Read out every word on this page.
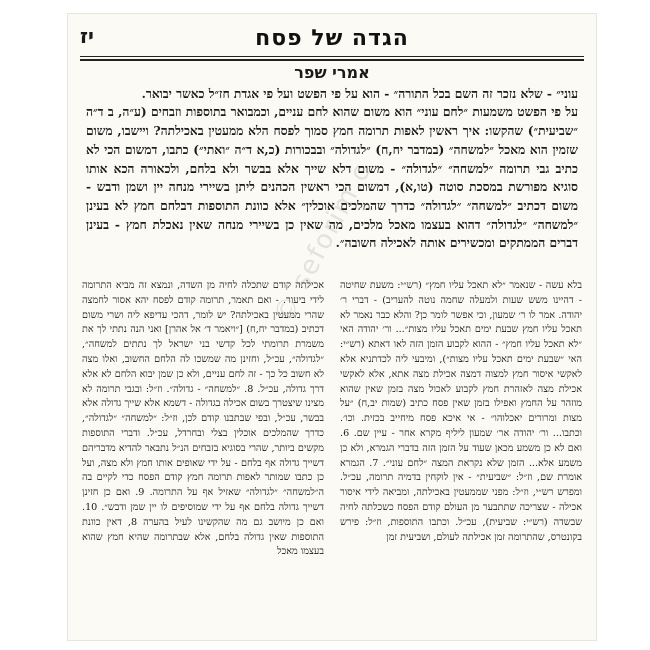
הגדה של פסח
יז
אמרי שפר

עוני״ - שלא נזכר זה השם בכל התורה״ - הוא על פי הפשט ועל פי אגדת חז״ל כאשר יבואר.

על פי הפשט משמעות ״לחם עוני״ הוא משום שהוא לחם עניים, וכמבואר בתוספות וזבחים (ע״ה, ב ד״ה ״שביעית״) שהקשו: איך ראשין לאפות תרומה חמץ סמוך לפסח הלא ממעטין באכילתה? ויישבו, משום שזמין הוא מאכל ״למשחה״ (במדבר יח,ח) ״לגדולה״ ובבכורות (כ,א ד״ה ״ואתי״) כתבו, דמשום הכי לא כתיב גבי תרומה ״למשחה״ ״לגדולה״ - משום דלא שייך אלא בבשר ולא בלחם, ולכאורה הכא אותו סוגיא מפורשת במסכת סוטה (טו,א), דמשום הכי ראשין הכהנים ליתן בשיירי מנחה יין ושמן ודבש - משום דכתיב ״למשחה״ ״לגדולה״ כדרך שהמלכים אוכלין״ אלא כוונת התוספות דבלחם חמץ לא בעינן ״למשחה״ ״לגדולה״ דהוא בעצמו מאכל מלכים, מה שאין כן בשיירי מנחה שאין נאכלת חמץ - בעינן דברים הממתקים ומכשירים אותה לאכילה חשובה״.

בלא עשה - שנאמר ״לא תאכל עליו חמץ״ (רש״י: משעת שחיטה - דהיינו משש שעות ולמעלה שחמה נוטה להעריב) - דברי ר׳ יהודה. אמר לו ר׳ שמעון, וכי אפשר לומר כן? והלא כבר נאמר לא תאכל עליו חמץ שבעת ימים תאכל עליו מצות״... ור׳ יהודה האי ״לא תאכל עליו חמץ״ - ההוא לקבוע הזמן הזה לאו דאתא (רש״י: האי ״שבעת ימים תאכל עליו מצות״), ומיבעי ליה לכדתניא אלא לאקשי איסור חמץ למצוה דמצה אכילת מצה אתא, אלא לאקשי אכילת מצה לאזהרת חמץ לקבוע לאכול מצה בזמן שאין שהוא מוזהר על החמץ ואפילו בזמן שאין פסח כתיב (שמות יב,ח) ״על מצות ומרורים יאכלוהו״ - אי איכא פסח מיחייב בכזית. וכו׳. וכתבו... ור׳ יהודה אר׳ שמעון ליליף מקרא אחר - עיין שם. 6. ואם לא כן משמע מכאן שעוד על הזמן הזה בדברי הגמרא, ולא כן משמע אלא... הזמן שלא נקראת המצה ״לחם עוני״. 7. הגמרא אומרת שם, וז״ל: ״שביעית״ - אין לוקחין בדמיה תרומה, עכ״ל. ומפרש רש״י, וז״ל: מפני שממעטין באכילתה, ומביאה לידי איסור אכילה - שצריכה שתתבער מן העולם קודם הפסח כשכלתה לחיה שבשדה (רש״י: שביעית), עכ״ל. וכתבו התוספות, וז״ל: פירש בקונטרס, שהתרומה זמן אכילתה לעולם, ושביעית זמן

אכילתה קודם שתכלה לחיה מן השדה, ונמצא זה מביא התרומה לידי ביעור. - ואם תאמר, תרומה קודם לפסח יהא אסור לחמצה שהרי ממעטין באכילתה? יש לומר, דהכי עדיפא ליה ושרי משום דכתיב (במדבר יח,ח) [״ויאמר ד׳ אל אהרן] ואני הנה נתתי לך את משמרת תרומתי לכל קדשי בני ישראל לך נתתים למשחה״, ״לגדולה״, עכ״ל, וחזינן מה שמשכו לה הלחם החשוב, ואלו מצה לא חשוב כל כך - זה לחם עניים, ולא כן שמן יבוא הלחם לא אלא דרך גדולה, עכ״ל. 8. ״למשחה״ - גדולה״. וז״ל: ובגבי תרומה לא מצינו שיצטרך בשום אכילה בגדולה - דשמא אלא שייך גדולה אלא בבשר, עכ״ל, ובפי שבתבנו קודם לכן, וז״ל: ״למשחה״ ״לגדולה״, כדרך שהמלכים אוכלין בצלי ובחרדל, עכ״ל. ודברי התוספות מקשים ביותר, שהרי בסוגיא בזבחים הנ״ל נתבאר להדיא מדבריהם דשייך גדולה אף בלחם - על ידי שאופים אותו חמץ ולא מצה, ועל כן כתבו שמותר לאפות תרומה חמץ קודם הפסח כדי לקיים בה ה״למשחה״ ״לגדולה״ שאזיל אף על התרומה. 9. ואם כן חזינן דשייך גדולה בלחם אף על ידי שמוסיפים לו יין שמן ודבש״. 10. ואם כן מיושב גם מה שהקשינו לעיל בהערה 8, דאין כוונת התוספות שאין גדולה בלחם, אלא שבתרומה שהיא חמץ שהוא בעצמו מאכל

© seforim.c
